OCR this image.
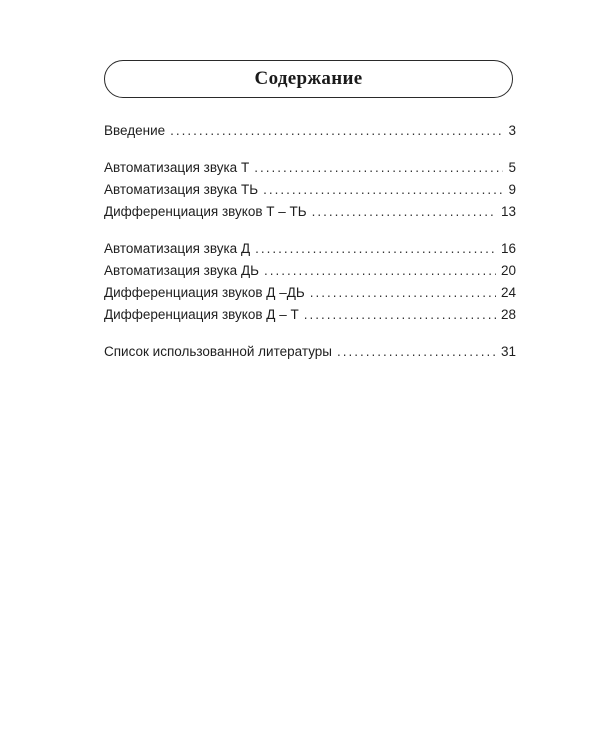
Содержание
Введение .....	3
Автоматизация звука Т .....	5
Автоматизация звука ТЬ .....	9
Дифференциация звуков Т – ТЬ .....	13
Автоматизация звука Д .....	16
Автоматизация звука ДЬ .....	20
Дифференциация звуков Д –ДЬ .....	24
Дифференциация звуков Д – Т .....	28
Список использованной литературы .....	31
